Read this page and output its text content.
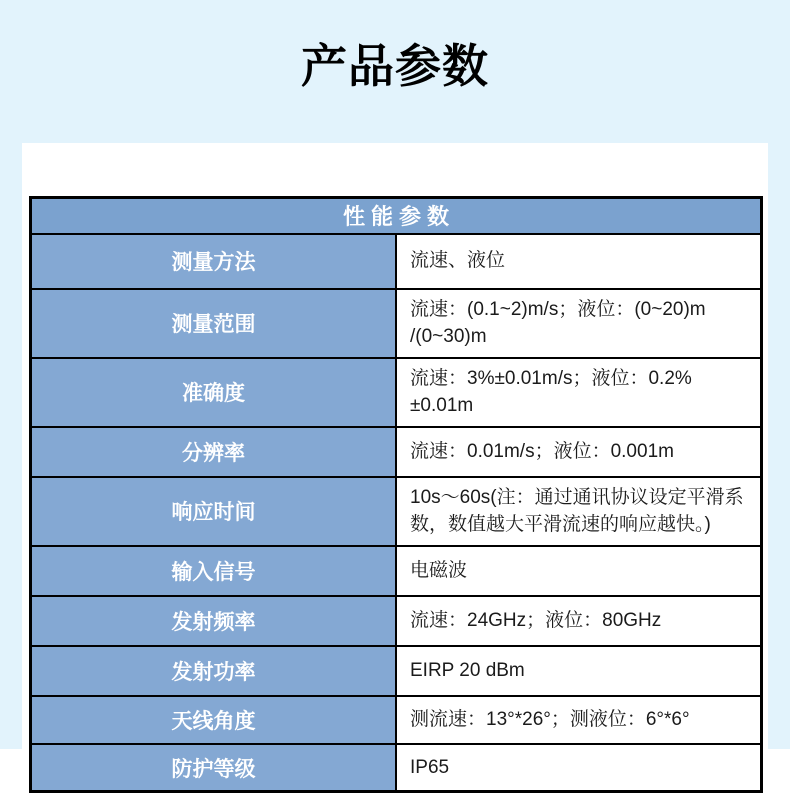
产品参数
性能参数	
测量方法	流速、液位
测量范围	流速：(0.1~2)m/s；液位：(0~20)m /(0~30)m
准确度	流速：3%±0.01m/s；液位：0.2%±0.01m
分辨率	流速：0.01m/s；液位：0.001m
响应时间	10s～60s(注：通过通讯协议设定平滑系数，数值越大平滑流速的响应越快。)
输入信号	电磁波
发射频率	流速：24GHz；液位：80GHz
发射功率	EIRP 20 dBm
天线角度	测流速：13°*26°；测液位：6°*6°
防护等级	IP65
